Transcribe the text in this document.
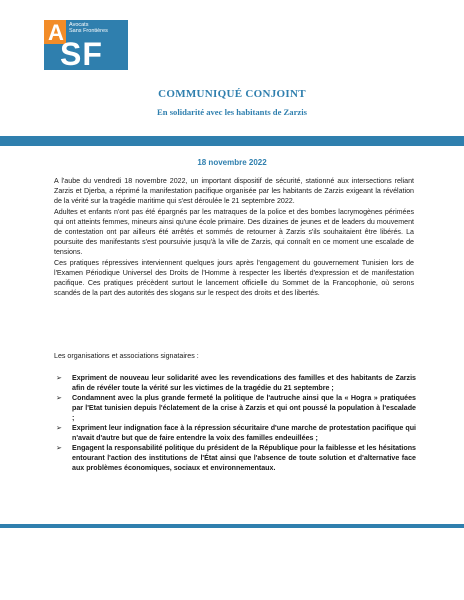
A Avocats
Sans Frontières
SF
COMMUNIQUÉ CONJOINT
En solidarité avec les habitants de Zarzis
18 novembre 2022

A l'aube du vendredi 18 novembre 2022, un important dispositif de sécurité, stationné aux intersections reliant Zarzis et Djerba, a réprimé la manifestation pacifique organisée par les habitants de Zarzis exigeant la révélation de la vérité sur la tragédie maritime qui s'est déroulée le 21 septembre 2022.

Adultes et enfants n'ont pas été épargnés par les matraques de la police et des bombes lacrymogènes périmées qui ont atteints femmes, mineurs ainsi qu'une école primaire. Des dizaines de jeunes et de leaders du mouvement de contestation ont par ailleurs été arrêtés et sommés de retourner à Zarzis s'ils souhaitaient être libérés. La poursuite des manifestants s'est poursuivie jusqu'à la ville de Zarzis, qui connaît en ce moment une escalade de tensions.

Ces pratiques répressives interviennent quelques jours après l'engagement du gouvernement Tunisien lors de l'Examen Périodique Universel des Droits de l'Homme à respecter les libertés d'expression et de manifestation pacifique. Ces pratiques précèdent surtout le lancement officielle du Sommet de la Francophonie, où serons scandés de la part des autorités des slogans sur le respect des droits et des libertés.

Les organisations et associations signataires :
➢ Expriment de nouveau leur solidarité avec les revendications des familles et des habitants de Zarzis afin de révéler toute la vérité sur les victimes de la tragédie du 21 septembre ;
➢ Condamnent avec la plus grande fermeté la politique de l'autruche ainsi que la « Hogra » pratiquées par l'Etat tunisien depuis l'éclatement de la crise à Zarzis et qui ont poussé la population à l'escalade ;
➢ Expriment leur indignation face à la répression sécuritaire d'une marche de protestation pacifique qui n'avait d'autre but que de faire entendre la voix des familles endeuillées ;
➢ Engagent la responsabilité politique du président de la République pour la faiblesse et les hésitations entourant l'action des institutions de l'État ainsi que l'absence de toute solution et d'alternative face aux problèmes économiques, sociaux et environnementaux.
